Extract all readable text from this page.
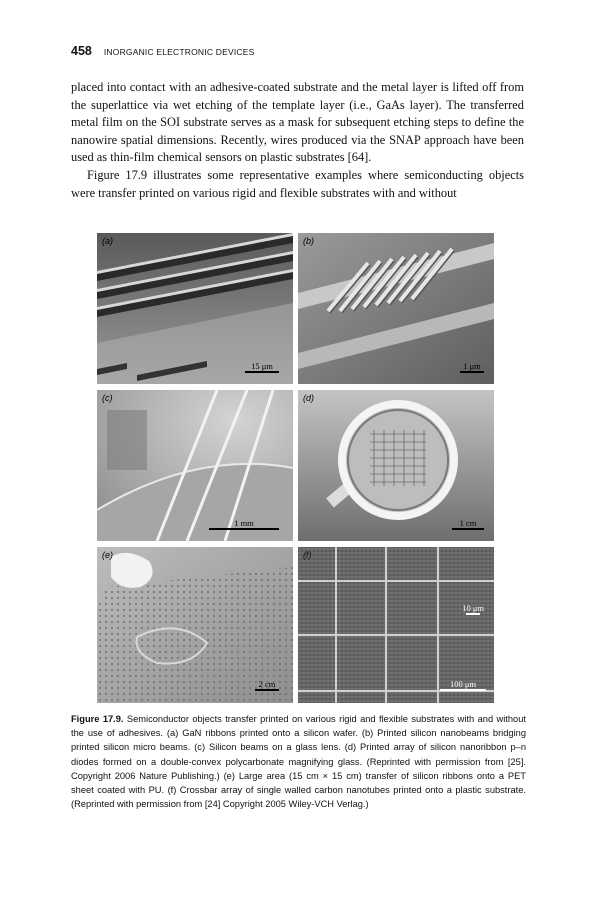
458 INORGANIC ELECTRONIC DEVICES

placed into contact with an adhesive-coated substrate and the metal layer is lifted off from the superlattice via wet etching of the template layer (i.e., GaAs layer). The transferred metal film on the SOI substrate serves as a mask for subsequent etching steps to define the nanowire spatial dimensions. Recently, wires produced via the SNAP approach have been used as thin-film chemical sensors on plastic substrates [64].

Figure 17.9 illustrates some representative examples where semiconducting objects were transfer printed on various rigid and flexible substrates with and without

(a)
15 μm
(b)
1 μm
(c)
1 mm
(d)
1 cm
(e)
2 cm
(f)
10 μm
100 μm
Figure 17.9. Semiconductor objects transfer printed on various rigid and flexible substrates with and without the use of adhesives. (a) GaN ribbons printed onto a silicon wafer. (b) Printed silicon nanobeams bridging printed silicon micro beams. (c) Silicon beams on a glass lens. (d) Printed array of silicon nanoribbon p–n diodes formed on a double-convex polycarbonate magnifying glass. (Reprinted with permission from [25]. Copyright 2006 Nature Publishing.) (e) Large area (15 cm × 15 cm) transfer of silicon ribbons onto a PET sheet coated with PU. (f) Crossbar array of single walled carbon nanotubes printed onto a plastic substrate. (Reprinted with permission from [24] Copyright 2005 Wiley-VCH Verlag.)
